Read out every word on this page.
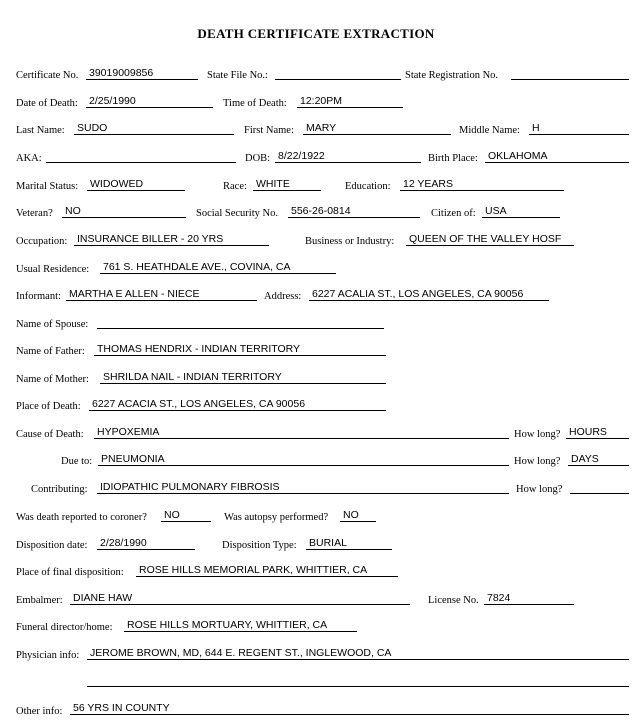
DEATH CERTIFICATE EXTRACTION
Certificate No. 39019009856	State File No.:	State Registration No.
Date of Death: 2/25/1990	Time of Death: 12:20PM
Last Name: SUDO	First Name: MARY	Middle Name: H
AKA:	DOB: 8/22/1922	Birth Place: OKLAHOMA
Marital Status: WIDOWED	Race: WHITE	Education: 12 YEARS
Veteran? NO	Social Security No. 556-26-0814	Citizen of: USA
Occupation: INSURANCE BILLER - 20 YRS	Business or Industry: QUEEN OF THE VALLEY HOSF
Usual Residence: 761 S. HEATHDALE AVE., COVINA, CA
Informant: MARTHA E ALLEN - NIECE	Address: 6227 ACALIA ST., LOS ANGELES, CA 90056
Name of Spouse:
Name of Father: THOMAS HENDRIX - INDIAN TERRITORY
Name of Mother: SHRILDA NAIL - INDIAN TERRITORY
Place of Death: 6227 ACACIA ST., LOS ANGELES, CA 90056
Cause of Death: HYPOXEMIA	How long? HOURS
Due to: PNEUMONIA	How long? DAYS
Contributing: IDIOPATHIC PULMONARY FIBROSIS	How long?
Was death reported to coroner? NO	Was autopsy performed? NO
Disposition date: 2/28/1990	Disposition Type: BURIAL
Place of final disposition: ROSE HILLS MEMORIAL PARK, WHITTIER, CA
Embalmer: DIANE HAW	License No. 7824
Funeral director/home: ROSE HILLS MORTUARY, WHITTIER, CA
Physician info: JEROME BROWN, MD, 644 E. REGENT ST., INGLEWOOD, CA
Other info: 56 YRS IN COUNTY
